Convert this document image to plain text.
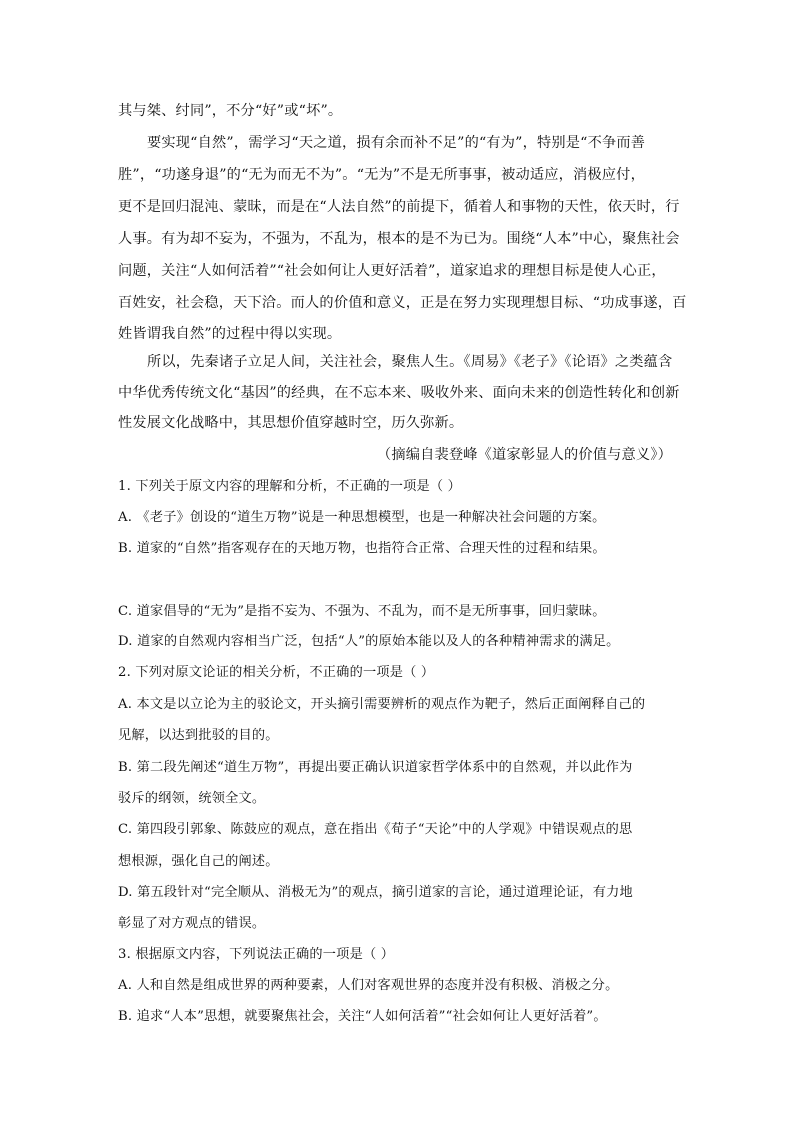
其与桀、纣同”，不分“好”或“坏”。
要实现“自然”，需学习“天之道，损有余而补不足”的“有为”，特别是“不争而善
胜”，“功遂身退”的“无为而无不为”。“无为”不是无所事事，被动适应，消极应付，
更不是回归混沌、蒙昧，而是在“人法自然”的前提下，循着人和事物的天性，依天时，行
人事。有为却不妄为，不强为，不乱为，根本的是不为已为。围绕“人本”中心，聚焦社会
问题，关注“人如何活着”“社会如何让人更好活着”，道家追求的理想目标是使人心正，
百姓安，社会稳，天下洽。而人的价值和意义，正是在努力实现理想目标、“功成事遂，百
姓皆谓我自然”的过程中得以实现。
所以，先秦诸子立足人间，关注社会，聚焦人生。《周易》《老子》《论语》之类蕴含
中华优秀传统文化“基因”的经典，在不忘本来、吸收外来、面向未来的创造性转化和创新
性发展文化战略中，其思想价值穿越时空，历久弥新。
（摘编自裴登峰《道家彰显人的价值与意义》）
1. 下列关于原文内容的理解和分析，不正确的一项是（ ）
A. 《老子》创设的“道生万物”说是一种思想模型，也是一种解决社会问题的方案。
B. 道家的“自然”指客观存在的天地万物，也指符合正常、合理天性的过程和结果。
C. 道家倡导的“无为”是指不妄为、不强为、不乱为，而不是无所事事，回归蒙昧。
D. 道家的自然观内容相当广泛，包括“人”的原始本能以及人的各种精神需求的满足。
2. 下列对原文论证的相关分析，不正确的一项是（ ）
A. 本文是以立论为主的驳论文，开头摘引需要辨析的观点作为靶子，然后正面阐释自己的
见解，以达到批驳的目的。
B. 第二段先阐述“道生万物”，再提出要正确认识道家哲学体系中的自然观，并以此作为
驳斥的纲领，统领全文。
C. 第四段引郭象、陈鼓应的观点，意在指出《荀子“天论”中的人学观》中错误观点的思
想根源，强化自己的阐述。
D. 第五段针对“完全顺从、消极无为”的观点，摘引道家的言论，通过道理论证，有力地
彰显了对方观点的错误。
3. 根据原文内容，下列说法正确的一项是（ ）
A. 人和自然是组成世界的两种要素，人们对客观世界的态度并没有积极、消极之分。
B. 追求“人本”思想，就要聚焦社会，关注“人如何活着”“社会如何让人更好活着”。
